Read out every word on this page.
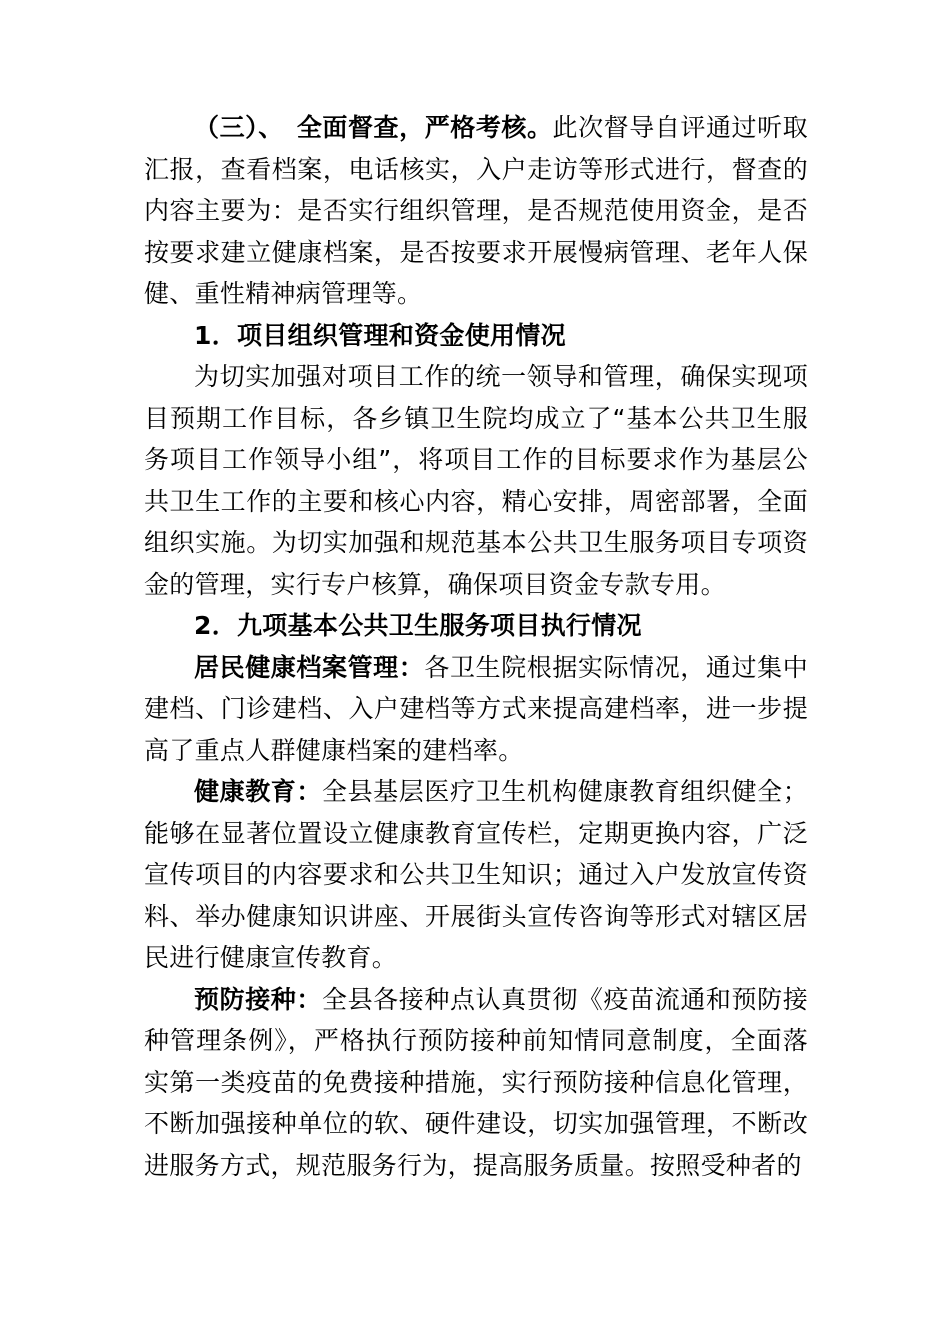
（三）、　全面督查，严格考核。此次督导自评通过听取汇报，查看档案，电话核实，入户走访等形式进行，督查的内容主要为：是否实行组织管理，是否规范使用资金，是否按要求建立健康档案，是否按要求开展慢病管理、老年人保健、重性精神病管理等。

1．项目组织管理和资金使用情况

为切实加强对项目工作的统一领导和管理，确保实现项目预期工作目标，各乡镇卫生院均成立了“基本公共卫生服务项目工作领导小组”，将项目工作的目标要求作为基层公共卫生工作的主要和核心内容，精心安排，周密部署，全面组织实施。为切实加强和规范基本公共卫生服务项目专项资金的管理，实行专户核算，确保项目资金专款专用。

2．九项基本公共卫生服务项目执行情况

居民健康档案管理：各卫生院根据实际情况，通过集中建档、门诊建档、入户建档等方式来提高建档率，进一步提高了重点人群健康档案的建档率。

健康教育：全县基层医疗卫生机构健康教育组织健全；能够在显著位置设立健康教育宣传栏，定期更换内容，广泛宣传项目的内容要求和公共卫生知识；通过入户发放宣传资料、举办健康知识讲座、开展街头宣传咨询等形式对辖区居民进行健康宣传教育。

预防接种：全县各接种点认真贯彻《疫苗流通和预防接种管理条例》，严格执行预防接种前知情同意制度，全面落实第一类疫苗的免费接种措施，实行预防接种信息化管理，不断加强接种单位的软、硬件建设，切实加强管理，不断改进服务方式，规范服务行为，提高服务质量。按照受种者的
